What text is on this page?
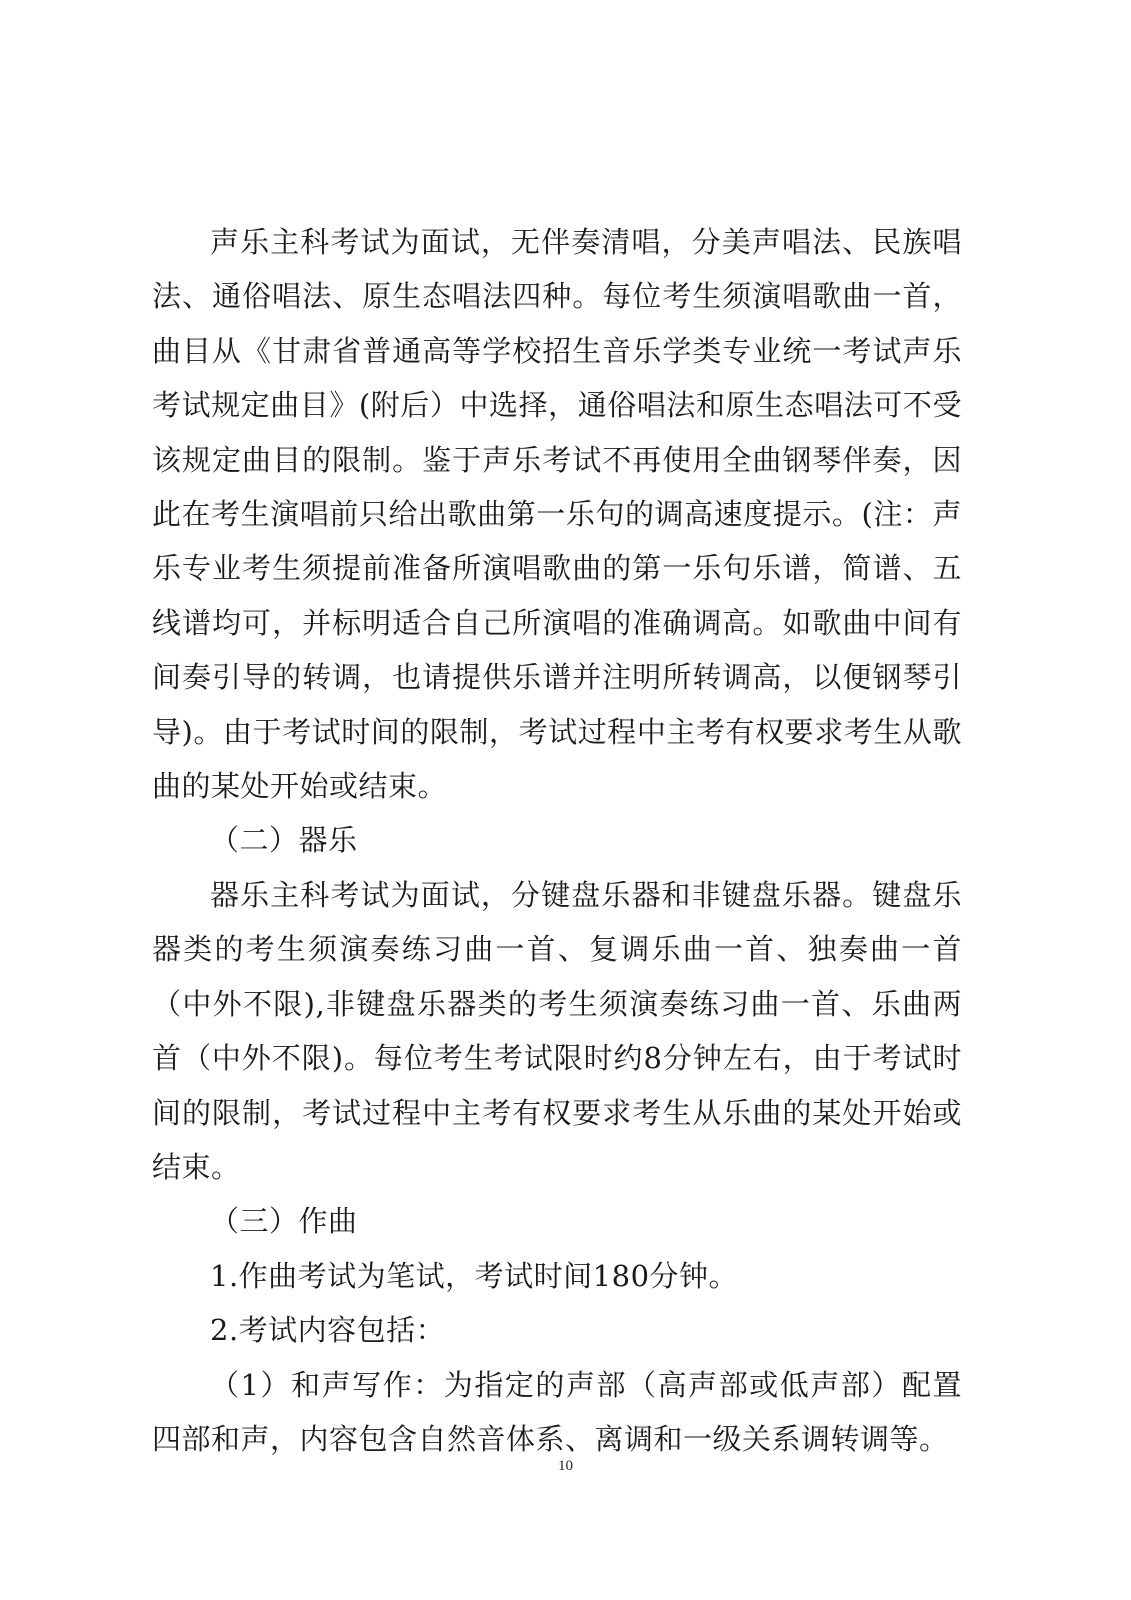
声乐主科考试为面试，无伴奏清唱，分美声唱法、民族唱法、通俗唱法、原生态唱法四种。每位考生须演唱歌曲一首，曲目从《甘肃省普通高等学校招生音乐学类专业统一考试声乐考试规定曲目》(附后）中选择，通俗唱法和原生态唱法可不受该规定曲目的限制。鉴于声乐考试不再使用全曲钢琴伴奏，因此在考生演唱前只给出歌曲第一乐句的调高速度提示。(注：声乐专业考生须提前准备所演唱歌曲的第一乐句乐谱，简谱、五线谱均可，并标明适合自己所演唱的准确调高。如歌曲中间有间奏引导的转调，也请提供乐谱并注明所转调高，以便钢琴引导)。由于考试时间的限制，考试过程中主考有权要求考生从歌曲的某处开始或结束。

（二）器乐

器乐主科考试为面试，分键盘乐器和非键盘乐器。键盘乐器类的考生须演奏练习曲一首、复调乐曲一首、独奏曲一首（中外不限),非键盘乐器类的考生须演奏练习曲一首、乐曲两首（中外不限)。每位考生考试限时约8分钟左右，由于考试时间的限制，考试过程中主考有权要求考生从乐曲的某处开始或结束。

（三）作曲

1.作曲考试为笔试，考试时间180分钟。

2.考试内容包括：

（1）和声写作：为指定的声部（高声部或低声部）配置四部和声，内容包含自然音体系、离调和一级关系调转调等。

10
